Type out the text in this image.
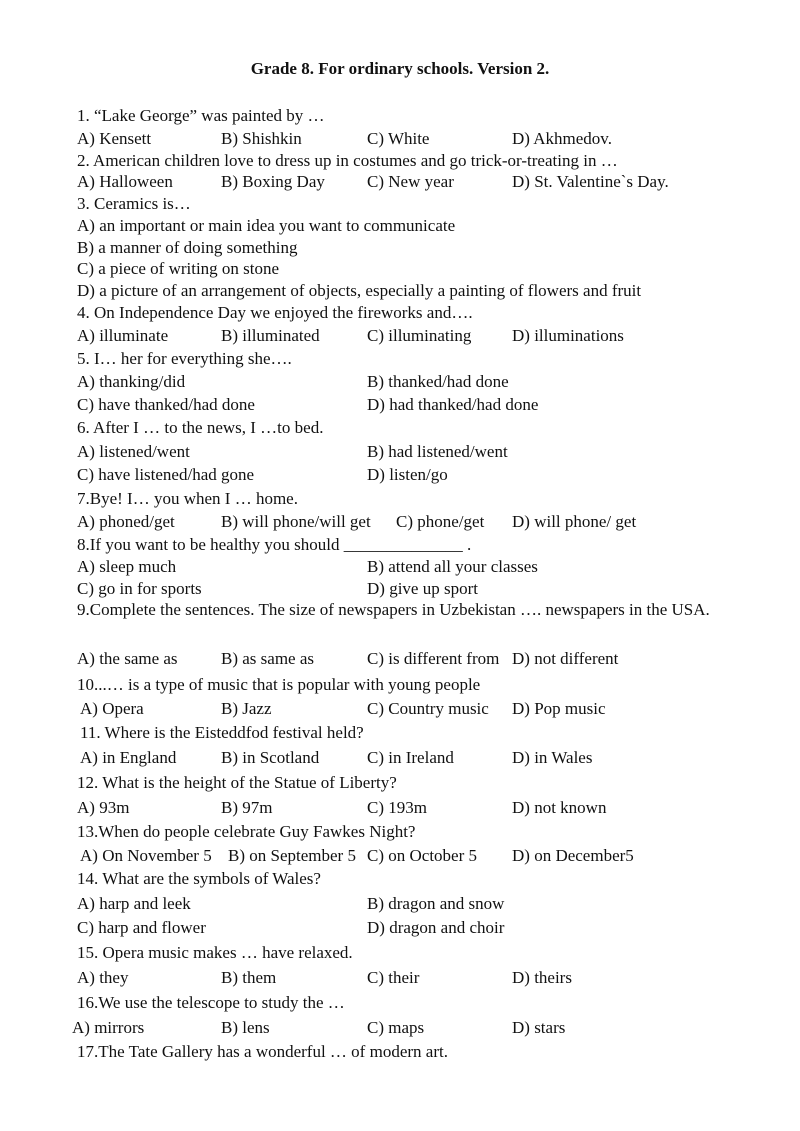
Grade 8. For ordinary schools. Version 2.
1. “Lake George” was painted by …
A) Kensett	B) Shishkin	C) White	D) Akhmedov.
2. American children love to dress up in costumes and go trick-or-treating in …
A) Halloween	B) Boxing Day C) New year	D) St. Valentine`s Day.
3. Ceramics is…
A) an important or main idea you want to communicate
B) a manner of doing something
C) a piece of writing on stone
D) a picture of an arrangement of objects, especially a painting of flowers and fruit
4. On Independence Day we enjoyed the fireworks and….
A) illuminate	B) illuminated	C) illuminating D) illuminations
5. I… her for everything she….
A) thanking/did	B) thanked/had done
C) have thanked/had done	D) had thanked/had done
6. After I … to the news, I …to bed.
A) listened/went	B) had listened/went
C) have listened/had gone	D) listen/go
7.Bye! I… you when I … home.
A) phoned/get	B) will phone/will get C) phone/get D) will phone/ get
8.If you want to be healthy you should ______________ .
A) sleep much	B) attend all your classes
C) go in for sports	D) give up sport
9.Complete the sentences. The size of newspapers in Uzbekistan …. newspapers in the USA.
A) the same as	B) as same as	C) is different from D) not different
10...… is a type of music that is popular with young people
A) Opera	B) Jazz	C) Country music D) Pop music
11. Where is the Eisteddfod festival held?
A) in England	B) in Scotland	C) in Ireland	D) in Wales
12. What is the height of the Statue of Liberty?
A) 93m	B) 97m	C) 193m	D) not known
13.When do people celebrate Guy Fawkes Night?
A) On November 5 B) on September 5 C) on October 5 D) on December5
14. What are the symbols of Wales?
A) harp and leek	B) dragon and snow
C) harp and flower	D) dragon and choir
15. Opera music makes … have relaxed.
A) they	B) them	C) their	D) theirs
16.We use the telescope to study the …
A) mirrors	B) lens	C) maps	D) stars
17.The Tate Gallery has a wonderful … of modern art.
